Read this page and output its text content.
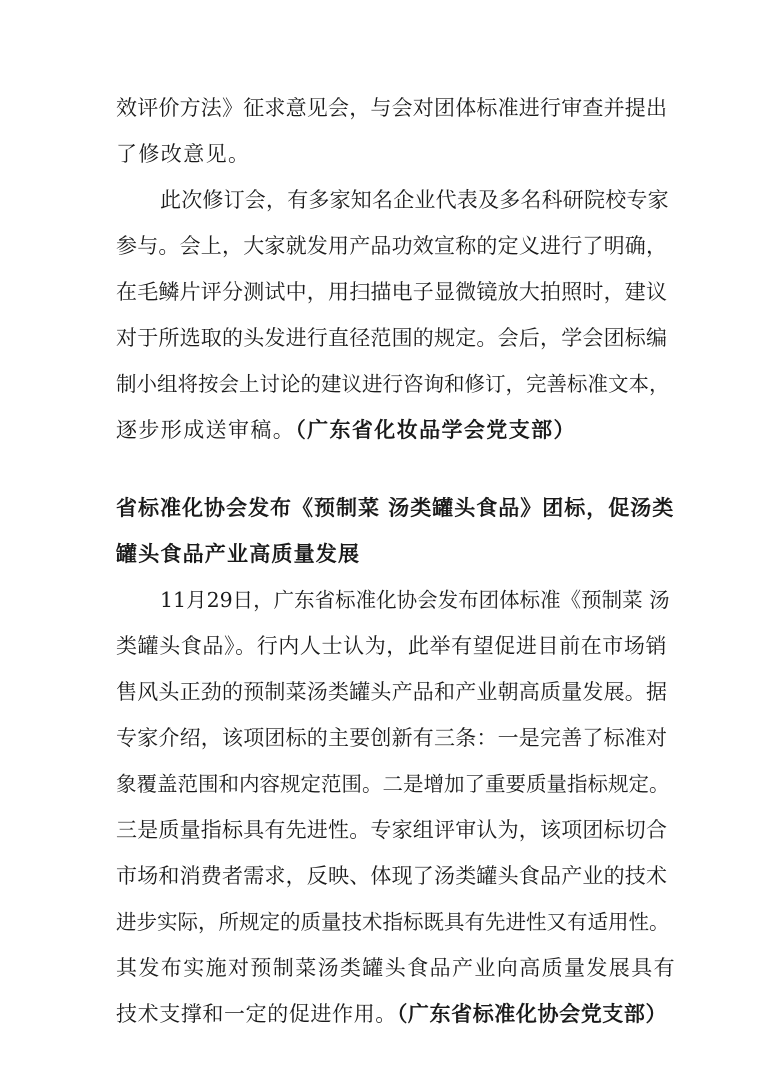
效评价方法》征求意见会，与会对团体标准进行审查并提出
了修改意见。
此次修订会，有多家知名企业代表及多名科研院校专家
参与。会上，大家就发用产品功效宣称的定义进行了明确，
在毛鳞片评分测试中，用扫描电子显微镜放大拍照时，建议
对于所选取的头发进行直径范围的规定。会后，学会团标编
制小组将按会上讨论的建议进行咨询和修订，完善标准文本，
逐步形成送审稿。（广东省化妆品学会党支部）
省标准化协会发布《预制菜 汤类罐头食品》团标，促汤类
罐头食品产业高质量发展
11月29日，广东省标准化协会发布团体标准《预制菜 汤
类罐头食品》。行内人士认为，此举有望促进目前在市场销
售风头正劲的预制菜汤类罐头产品和产业朝高质量发展。据
专家介绍，该项团标的主要创新有三条：一是完善了标准对
象覆盖范围和内容规定范围。二是增加了重要质量指标规定。
三是质量指标具有先进性。专家组评审认为，该项团标切合
市场和消费者需求，反映、体现了汤类罐头食品产业的技术
进步实际，所规定的质量技术指标既具有先进性又有适用性。
其发布实施对预制菜汤类罐头食品产业向高质量发展具有
技术支撑和一定的促进作用。（广东省标准化协会党支部）
